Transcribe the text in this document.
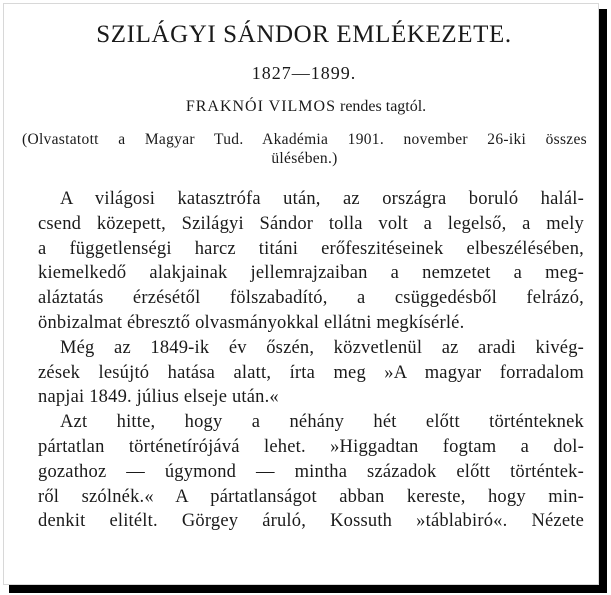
SZILÁGYI SÁNDOR EMLÉKEZETE.
1827—1899.
FRAKNÓI VILMOS rendes tagtól.
(Olvastatott a Magyar Tud. Akadémia 1901. november 26-iki összes
ülésében.)
A világosi katasztrófa után, az országra boruló halál-
csend közepett, Szilágyi Sándor tolla volt a legelső, a mely
a függetlenségi harcz titáni erőfeszitéseinek elbeszélésében,
kiemelkedő alakjainak jellemrajzaiban a nemzetet a meg-
aláztatás érzésétől fölszabadító, a csüggedésből felrázó,
önbizalmat ébresztő olvasmányokkal ellátni megkísérlé.
Még az 1849-ik év őszén, közvetlenül az aradi kivég-
zések lesújtó hatása alatt, írta meg »A magyar forradalom
napjai 1849. július elseje után.«
Azt hitte, hogy a néhány hét előtt történteknek
pártatlan történetírójává lehet. »Higgadtan fogtam a dol-
gozathoz — úgymond — mintha századok előtt történtek-
ről szólnék.« A pártatlanságot abban kereste, hogy min-
denkit elitélt. Görgey áruló, Kossuth »táblabiró«. Nézete
